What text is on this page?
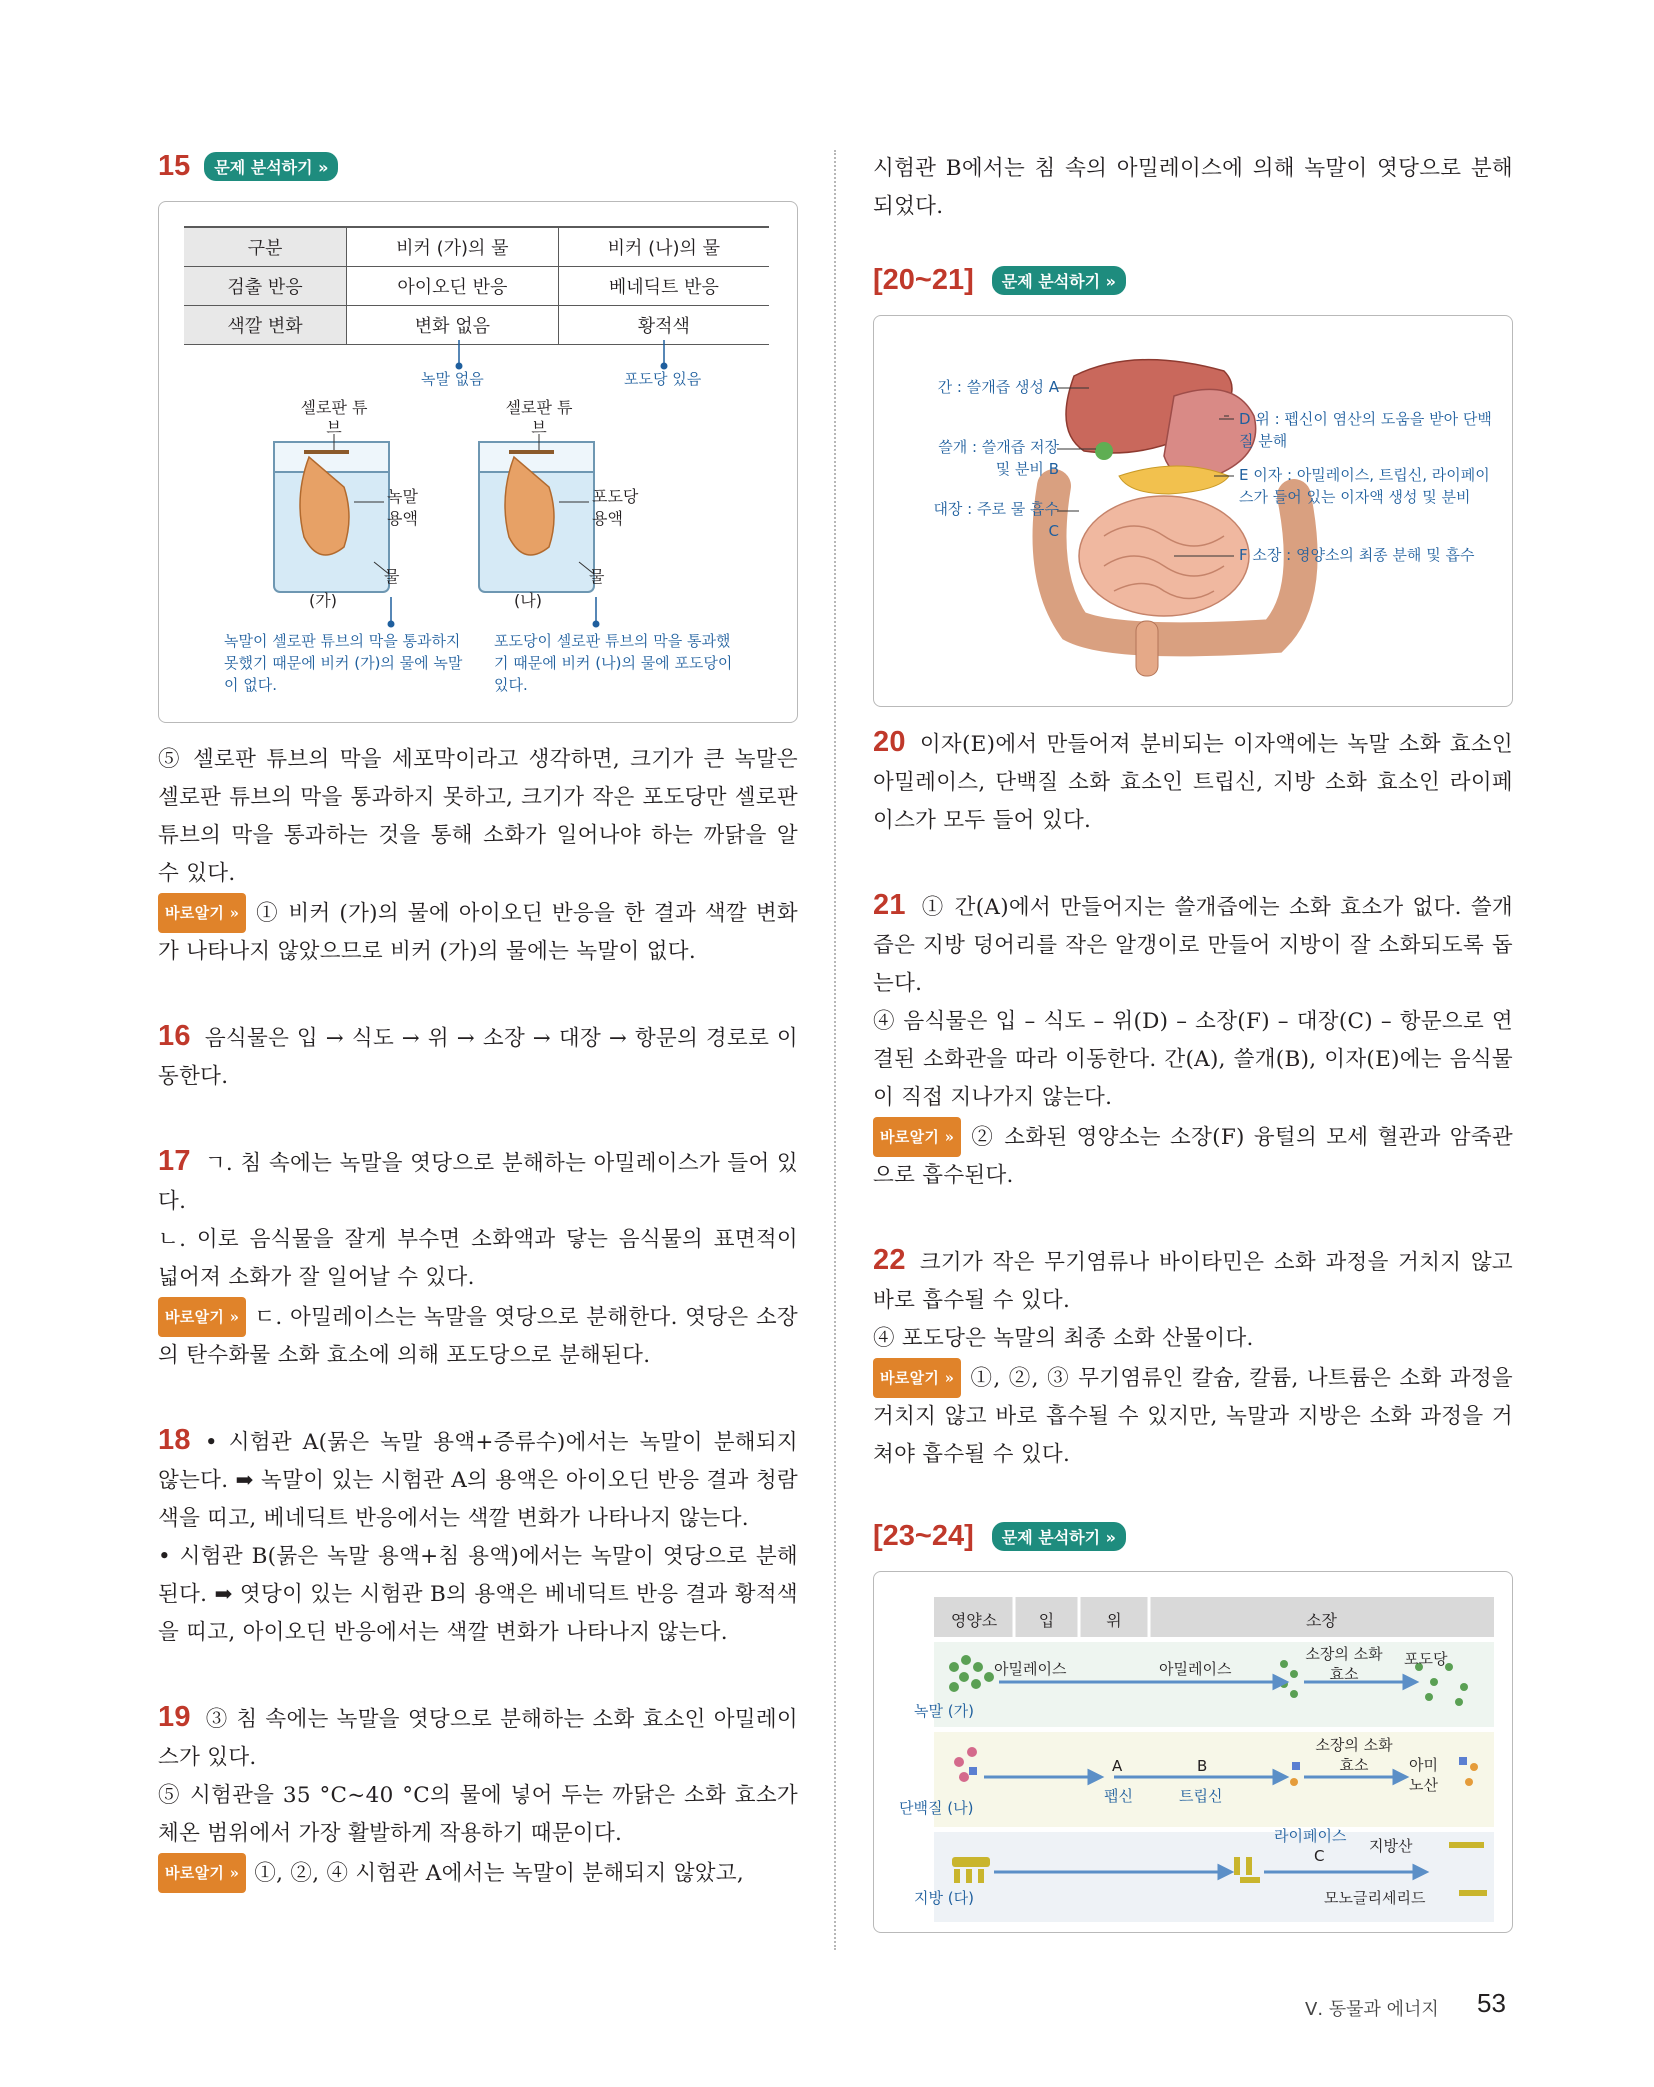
15	문제 분석하기 »
구분	비커 (가)의 물	비커 (나)의 물
검출 반응	아이오딘 반응	베네딕트 반응
색깔 변화	변화 없음	황적색
녹말 없음	포도당 있음
셀로판 튜브
셀로판 튜브
녹말 용액
포도당 용액
물	물
(가)	(나)
녹말이 셀로판 튜브의 막을 통과하지 못했기 때문에 비커 (가)의 물에 녹말이 없다.
포도당이 셀로판 튜브의 막을 통과했기 때문에 비커 (나)의 물에 포도당이 있다.

⑤ 셀로판 튜브의 막을 세포막이라고 생각하면, 크기가 큰 녹말은 셀로판 튜브의 막을 통과하지 못하고, 크기가 작은 포도당만 셀로판 튜브의 막을 통과하는 것을 통해 소화가 일어나야 하는 까닭을 알 수 있다.

바로알기 » ① 비커 (가)의 물에 아이오딘 반응을 한 결과 색깔 변화가 나타나지 않았으므로 비커 (가)의 물에는 녹말이 없다.

16 음식물은 입 → 식도 → 위 → 소장 → 대장 → 항문의 경로로 이동한다.

17 ㄱ. 침 속에는 녹말을 엿당으로 분해하는 아밀레이스가 들어 있다.

ㄴ. 이로 음식물을 잘게 부수면 소화액과 닿는 음식물의 표면적이 넓어져 소화가 잘 일어날 수 있다.

바로알기 » ㄷ. 아밀레이스는 녹말을 엿당으로 분해한다. 엿당은 소장의 탄수화물 소화 효소에 의해 포도당으로 분해된다.

18 • 시험관 A(묽은 녹말 용액+증류수)에서는 녹말이 분해되지 않는다. ➡ 녹말이 있는 시험관 A의 용액은 아이오딘 반응 결과 청람색을 띠고, 베네딕트 반응에서는 색깔 변화가 나타나지 않는다.

• 시험관 B(묽은 녹말 용액+침 용액)에서는 녹말이 엿당으로 분해된다. ➡ 엿당이 있는 시험관 B의 용액은 베네딕트 반응 결과 황적색을 띠고, 아이오딘 반응에서는 색깔 변화가 나타나지 않는다.

19 ③ 침 속에는 녹말을 엿당으로 분해하는 소화 효소인 아밀레이스가 있다.

⑤ 시험관을 35 °C~40 °C의 물에 넣어 두는 까닭은 소화 효소가 체온 범위에서 가장 활발하게 작용하기 때문이다.

바로알기 » ①, ②, ④ 시험관 A에서는 녹말이 분해되지 않았고,

시험관 B에서는 침 속의 아밀레이스에 의해 녹말이 엿당으로 분해되었다.

[20~21]	문제 분석하기 »
간 : 쓸개즙 생성 A
쓸개 : 쓸개즙 저장 및 분비 B
대장 : 주로 물 흡수 C
D 위 : 펩신이 염산의 도움을 받아 단백질 분해
E 이자 : 아밀레이스, 트립신, 라이페이스가 들어 있는 이자액 생성 및 분비
F 소장 : 영양소의 최종 분해 및 흡수

20 이자(E)에서 만들어져 분비되는 이자액에는 녹말 소화 효소인 아밀레이스, 단백질 소화 효소인 트립신, 지방 소화 효소인 라이페이스가 모두 들어 있다.

21 ① 간(A)에서 만들어지는 쓸개즙에는 소화 효소가 없다. 쓸개즙은 지방 덩어리를 작은 알갱이로 만들어 지방이 잘 소화되도록 돕는다.

④ 음식물은 입 – 식도 – 위(D) – 소장(F) – 대장(C) – 항문으로 연결된 소화관을 따라 이동한다. 간(A), 쓸개(B), 이자(E)에는 음식물이 직접 지나가지 않는다.

바로알기 » ② 소화된 영양소는 소장(F) 융털의 모세 혈관과 암죽관으로 흡수된다.

22 크기가 작은 무기염류나 바이타민은 소화 과정을 거치지 않고 바로 흡수될 수 있다.

④ 포도당은 녹말의 최종 소화 산물이다.

바로알기 » ①, ②, ③ 무기염류인 칼슘, 칼륨, 나트륨은 소화 과정을 거치지 않고 바로 흡수될 수 있지만, 녹말과 지방은 소화 과정을 거쳐야 흡수될 수 있다.

[23~24]	문제 분석하기 »
영양소	입	위	소장
녹말 (가)
아밀레이스	아밀레이스
소장의 소화 효소
포도당
단백질 (나)
A	B
펩신	트립신
소장의 소화 효소	아미노산
지방 (다)
라이페이스
C
지방산
모노글리세리드
Ⅴ. 동물과 에너지 53
